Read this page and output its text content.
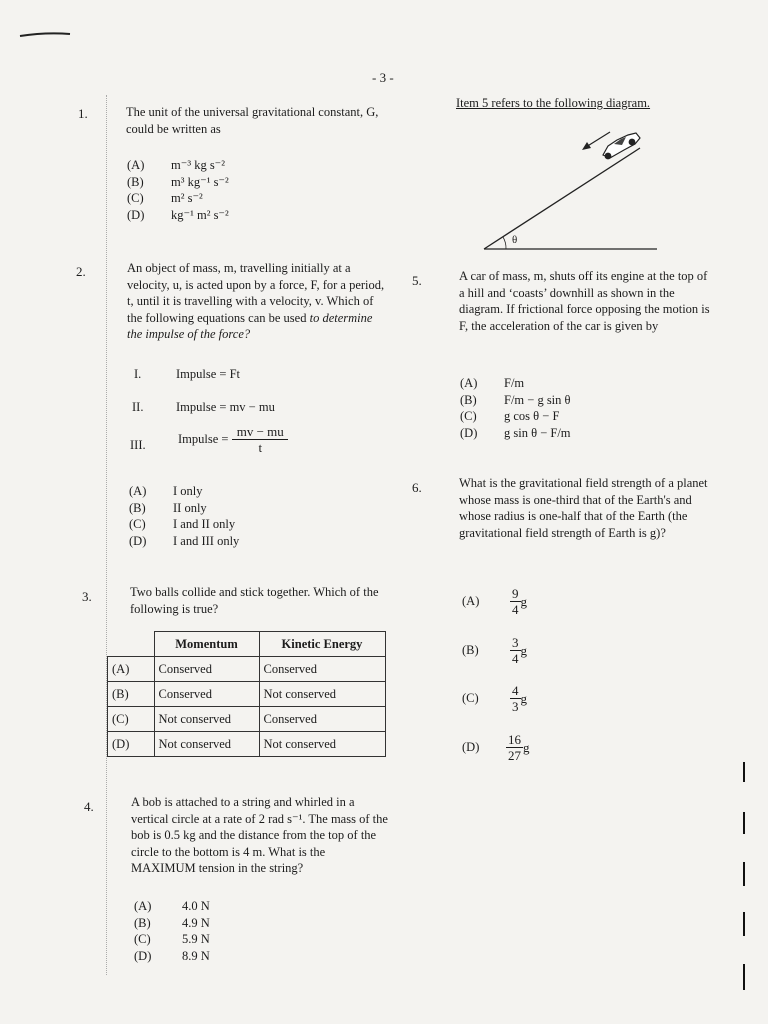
- 3 -
1.	The unit of the universal gravitational constant, G, could be written as
(A) m⁻³ kg s⁻²
(B) m³ kg⁻¹ s⁻²
(C) m² s⁻²
(D) kg⁻¹ m² s⁻²
2.	An object of mass, m, travelling initially at a velocity, u, is acted upon by a force, F, for a period, t, until it is travelling with a velocity, v. Which of the following equations can be used to determine the impulse of the force?
I.	Impulse = Ft
II.	Impulse = mv − mu
III.	Impulse = $\frac{mv - mu}{t}$
(A) I only
(B) II only
(C) I and II only
(D) I and III only
3.	Two balls collide and stick together. Which of the following is true?
	Momentum	Kinetic Energy
(A)	Conserved	Conserved
(B)	Conserved	Not conserved
(C)	Not conserved	Conserved
(D)	Not conserved	Not conserved
4.	A bob is attached to a string and whirled in a vertical circle at a rate of 2 rad s⁻¹. The mass of the bob is 0.5 kg and the distance from the top of the circle to the bottom is 4 m. What is the MAXIMUM tension in the string?
(A) 4.0 N
(B)	4.9 N
(C)	5.9 N
(D) 8.9 N
Item 5 refers to the following diagram.
θ
5.	A car of mass, m, shuts off its engine at the top of a hill and ‘coasts’ downhill as shown in the diagram. If frictional force opposing the motion is F, the acceleration of the car is given by
(A) F/m
(B) F/m − g sin θ
(C) g cos θ − F
(D) g sin θ − F/m
6.	What is the gravitational field strength of a planet whose mass is one-third that of the Earth's and whose radius is one-half that of the Earth (the gravitational field strength of Earth is g)?
(A)	$\frac{9}{4}$ g
(B)	$\frac{3}{4}$ g
(C)	$\frac{4}{3}$ g
(D)	$\frac{16}{27}$ g
